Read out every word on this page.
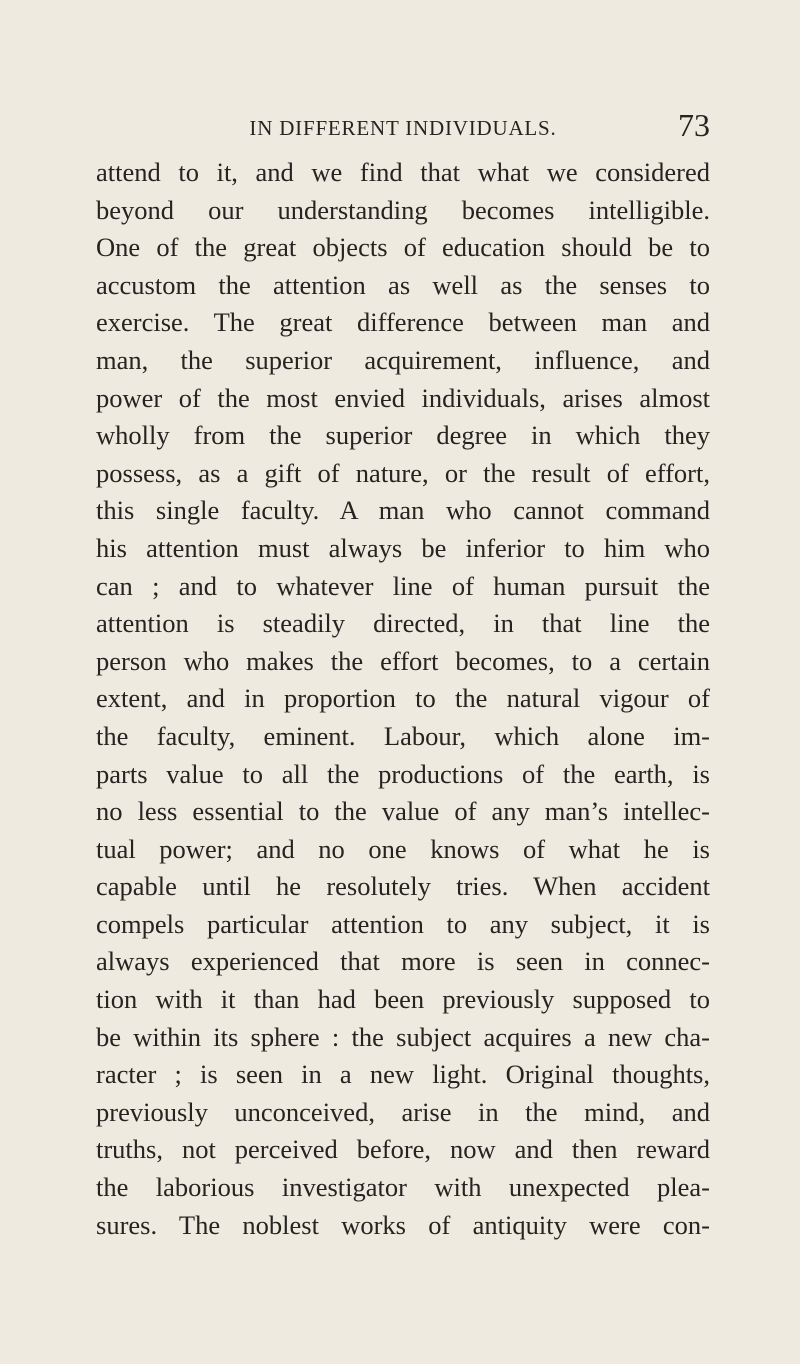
IN DIFFERENT INDIVIDUALS.	73
attend to it, and we find that what we considered
beyond our understanding becomes intelligible.
One of the great objects of education should be to
accustom the attention as well as the senses to
exercise. The great difference between man and
man, the superior acquirement, influence, and
power of the most envied individuals, arises almost
wholly from the superior degree in which they
possess, as a gift of nature, or the result of effort,
this single faculty. A man who cannot command
his attention must always be inferior to him who
can ; and to whatever line of human pursuit the
attention is steadily directed, in that line the
person who makes the effort becomes, to a certain
extent, and in proportion to the natural vigour of
the faculty, eminent. Labour, which alone im-
parts value to all the productions of the earth, is
no less essential to the value of any man’s intellec-
tual power; and no one knows of what he is
capable until he resolutely tries. When accident
compels particular attention to any subject, it is
always experienced that more is seen in connec-
tion with it than had been previously supposed to
be within its sphere : the subject acquires a new cha-
racter ; is seen in a new light. Original thoughts,
previously unconceived, arise in the mind, and
truths, not perceived before, now and then reward
the laborious investigator with unexpected plea-
sures. The noblest works of antiquity were con-
